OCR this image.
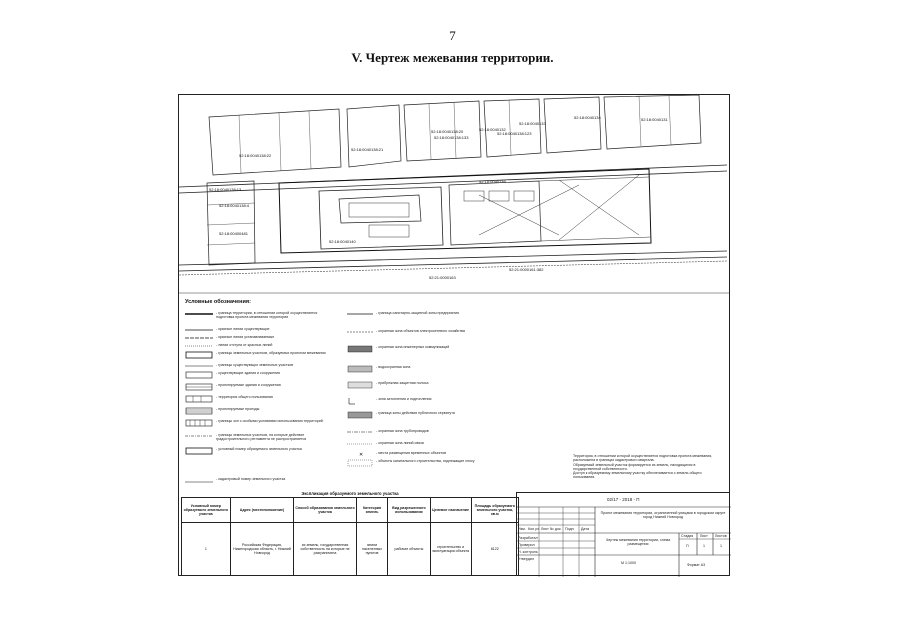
7
V. Чертеж межевания территории.
52:18:0040138:22
52:18:0040138:21
52:18:0040138:20	52:18:0040132
52:18:0040134	52:18:0040131
52:18:0040138:123
52:18:0040138:133
52:18:0040139
52:18:0040133
52:18:0040140
52:18:00400481
52:18:0040138:13
52:18:0040138:4
52:21:0000163
52:21:0000161:382
Условные обозначения:
- граница территории, в отношении которой осуществляется подготовка проекта межевания территории
- красные линии существующие
- красные линии устанавливаемые
- линии отступа от красных линий
- границы земельных участков, образуемых проектом межевания
- границы существующих земельных участков
- существующие здания и сооружения
- проектируемые здания и сооружения
- территория общего пользования
- проектируемые проезды
- границы зон с особыми условиями использования территорий
- границы земельных участков, на которые действие градостроительного регламента не распространяется
- условный номер образуемого земельного участка
- кадастровый номер земельного участка
- граница санитарно-защитной зоны предприятия
- охранная зона объектов электросетевого хозяйства
- охранная зона инженерных коммуникаций
- водоохранная зона
- прибрежная защитная полоса
- зона затопления и подтопления
- граница зоны действия публичного сервитута
- охранная зона трубопроводов
- охранная зона линий связи
✕	- места размещения временных объектов
- объекты капитального строительства, подлежащие сносу
Территория, в отношении которой осуществляется подготовка проекта межевания, расположена в границах кадастрового квартала.
Образуемый земельный участок формируется из земель, находящихся в государственной собственности.
Доступ к образуемому земельному участку обеспечивается с земель общего пользования.
Экспликация образуемого земельного участка
Условный номер образуемого земельного участка	Адрес (местоположение)	Способ образования земельного участка	Категория земель	Вид разрешенного использования	Целевое назначение	Площадь образуемого земельного участка, кв.м
1	Российская Федерация, Нижегородская область, г. Нижний Новгород	из земель, государственная собственность на которые не разграничена	земли населенных пунктов	рабочие объекты	строительство и эксплуатация объекта	6122
02/17 - 2018 - П
Проект межевания территории, ограниченной улицами в городском округе город Нижний Новгород
Изм. Кол.уч Лист № док. Подп. Дата
Разработал
Проверил
Н. контроль
Утвердил
Стадия Лист Листов
П	1	1
Чертеж межевания территории, схема размещения
М 1:1000	Формат А3
